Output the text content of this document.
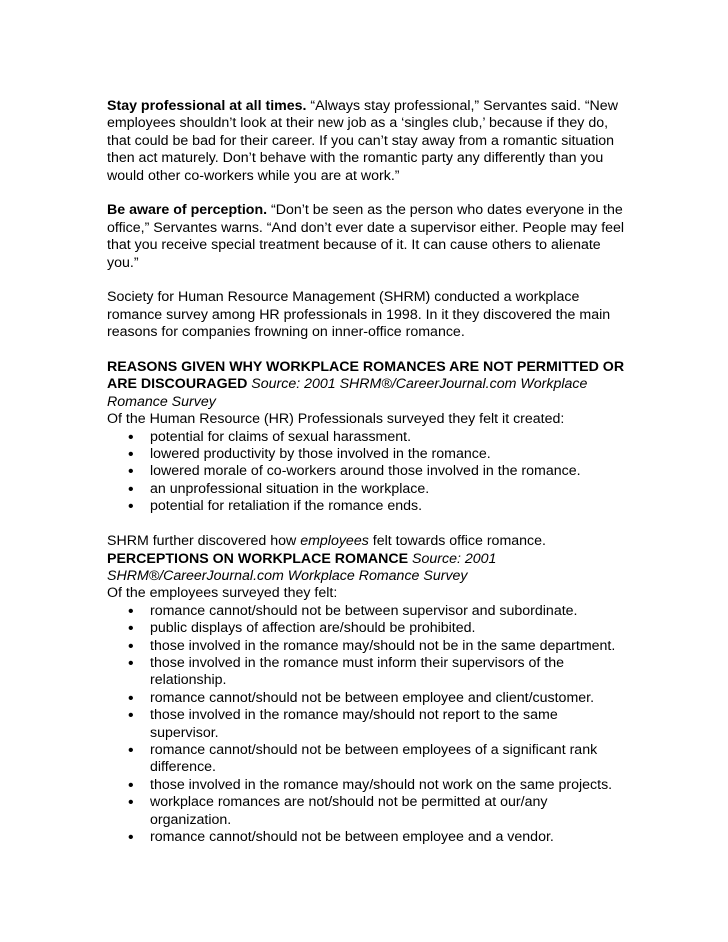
Stay professional at all times. “Always stay professional,” Servantes said. “New employees shouldn’t look at their new job as a ‘singles club,’ because if they do, that could be bad for their career. If you can’t stay away from a romantic situation then act maturely. Don’t behave with the romantic party any differently than you would other co-workers while you are at work.”

Be aware of perception. “Don’t be seen as the person who dates everyone in the office,” Servantes warns. “And don’t ever date a supervisor either. People may feel that you receive special treatment because of it. It can cause others to alienate you.”

Society for Human Resource Management (SHRM) conducted a workplace romance survey among HR professionals in 1998. In it they discovered the main reasons for companies frowning on inner-office romance.

REASONS GIVEN WHY WORKPLACE ROMANCES ARE NOT PERMITTED OR ARE DISCOURAGED Source: 2001 SHRM®/CareerJournal.com Workplace Romance Survey

Of the Human Resource (HR) Professionals surveyed they felt it created:

• potential for claims of sexual harassment.
• lowered productivity by those involved in the romance.
• lowered morale of co-workers around those involved in the romance.
• an unprofessional situation in the workplace.
• potential for retaliation if the romance ends.

SHRM further discovered how employees felt towards office romance.

PERCEPTIONS ON WORKPLACE ROMANCE Source: 2001 SHRM®/CareerJournal.com Workplace Romance Survey

Of the employees surveyed they felt:

• romance cannot/should not be between supervisor and subordinate.
• public displays of affection are/should be prohibited.
• those involved in the romance may/should not be in the same department.
• those involved in the romance must inform their supervisors of the relationship.
• romance cannot/should not be between employee and client/customer.
• those involved in the romance may/should not report to the same supervisor.
• romance cannot/should not be between employees of a significant rank difference.
• those involved in the romance may/should not work on the same projects.
• workplace romances are not/should not be permitted at our/any organization.
• romance cannot/should not be between employee and a vendor.
